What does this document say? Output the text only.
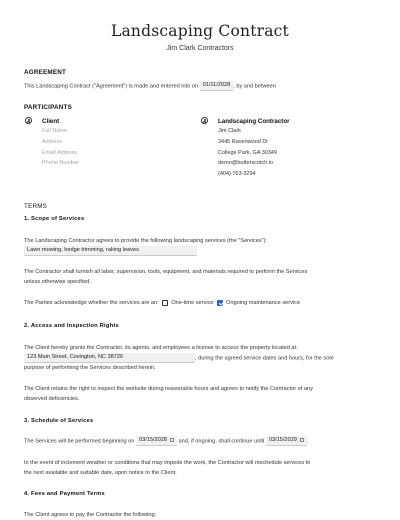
Landscaping Contract
Jim Clark Contractors
AGREEMENT
This Landscaping Contract ("Agreement") is made and entered into on 01/11/2028 , by and between
PARTICIPANTS
Client
Full Name
Address
Email Address
Phone Number
Landscaping Contractor
Jim Clark
3445 Ravenwood Dr
College Park, GA 30349
demo@butterscotch.io
(404) 763-3294
TERMS
1. Scope of Services
The Landscaping Contractor agrees to provide the following landscaping services (the "Services"):
Lawn mowing, hedge trimming, raking leaves
The Contractor shall furnish all labor, supervision, tools, equipment, and materials required to perform the Services
unless otherwise specified.
The Parties acknowledge whether the services are an: One-time service Ongoing maintenance service
2. Access and Inspection Rights
The Client hereby grants the Contractor, its agents, and employees a license to access the property located at:
123 Main Street, Covington, NC 38726	, during the agreed service dates and hours, for the sole
purpose of performing the Services described herein.
The Client retains the right to inspect the worksite during reasonable hours and agrees to notify the Contractor of any
observed deficiencies.
3. Schedule of Services
The Services will be performed beginning on 03/15/2028 and, if ongoing, shall continue until 03/15/2029 .
In the event of inclement weather or conditions that may impede the work, the Contractor will reschedule services to
the next available and suitable date, upon notice to the Client.
4. Fees and Payment Terms
The Client agrees to pay the Contractor the following:
